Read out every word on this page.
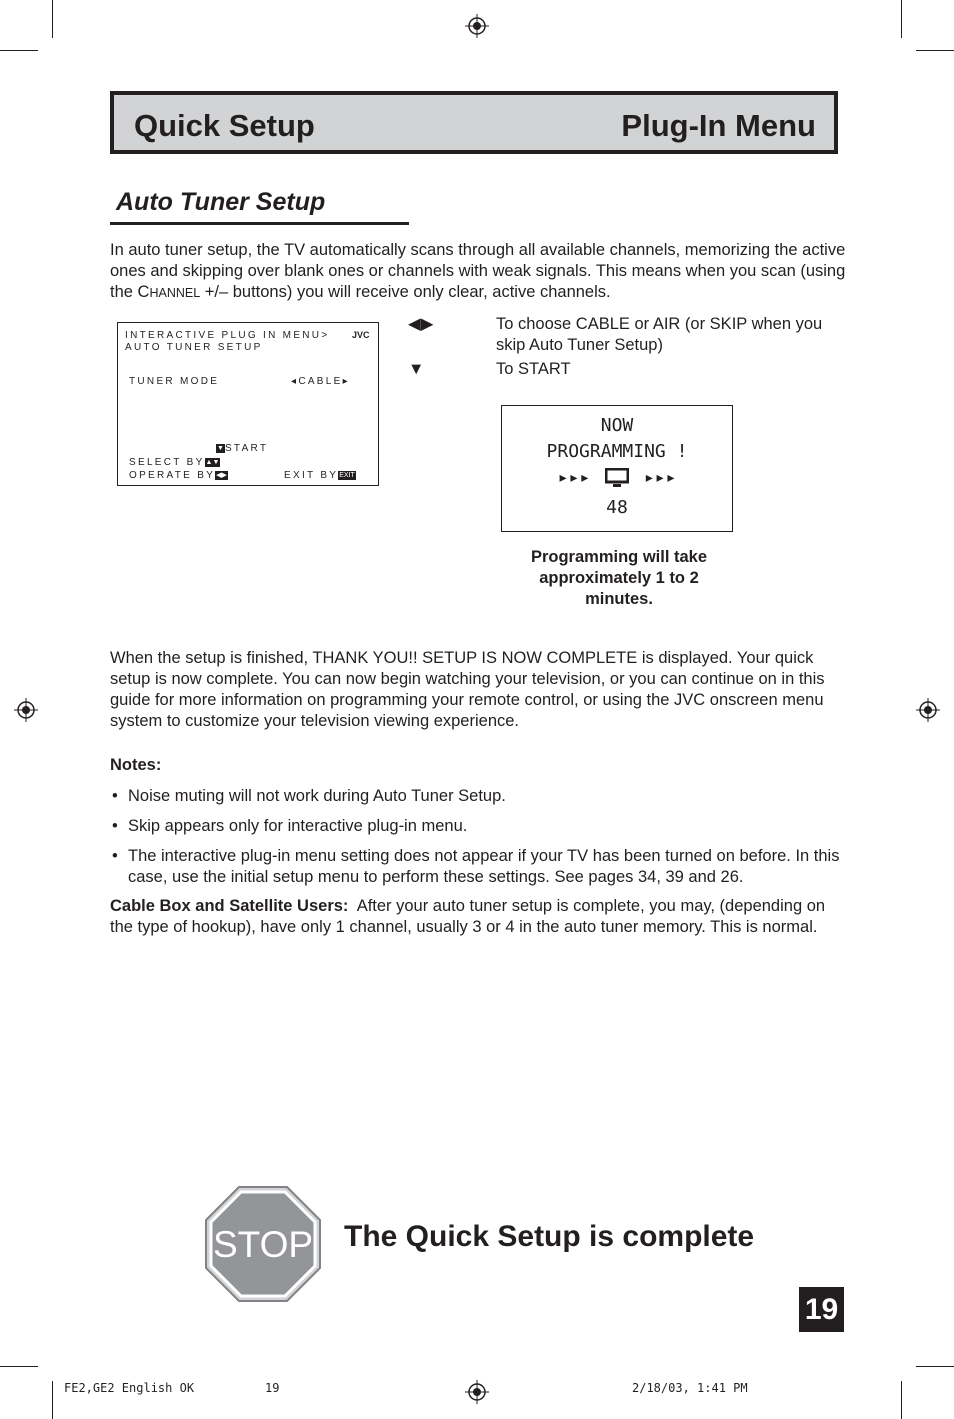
Quick Setup	Plug-In Menu
Auto Tuner Setup
In auto tuner setup, the TV automatically scans through all available channels, memorizing the active ones and skipping over blank ones or channels with weak signals. This means when you scan (using the CHANNEL +/– buttons) you will receive only clear, active channels.
INTERACTIVE PLUG IN MENU>	JVC
AUTO TUNER SETUP
TUNER MODE	◂CABLE▸
▼START
SELECT BY▲▼
OPERATE BY◀▶	EXIT BYEXIT
◀▶	To choose CABLE or AIR (or SKIP when you skip Auto Tuner Setup)
▼	To START
NOW
PROGRAMMING !
▸▸▸	▸▸▸
48
Programming will take approximately 1 to 2 minutes.
When the setup is finished, THANK YOU!! SETUP IS NOW COMPLETE is displayed. Your quick setup is now complete. You can now begin watching your television, or you can continue on in this guide for more information on programming your remote control, or using the JVC onscreen menu system to customize your television viewing experience.
Notes:
• Noise muting will not work during Auto Tuner Setup.
• Skip appears only for interactive plug-in menu.
• The interactive plug-in menu setting does not appear if your TV has been turned on before. In this case, use the initial setup menu to perform these settings. See pages 34, 39 and 26.
Cable Box and Satellite Users: After your auto tuner setup is complete, you may, (depending on the type of hookup), have only 1 channel, usually 3 or 4 in the auto tuner memory. This is normal.
STOP The Quick Setup is complete
19
FE2,GE2 English OK	19	2/18/03, 1:41 PM
